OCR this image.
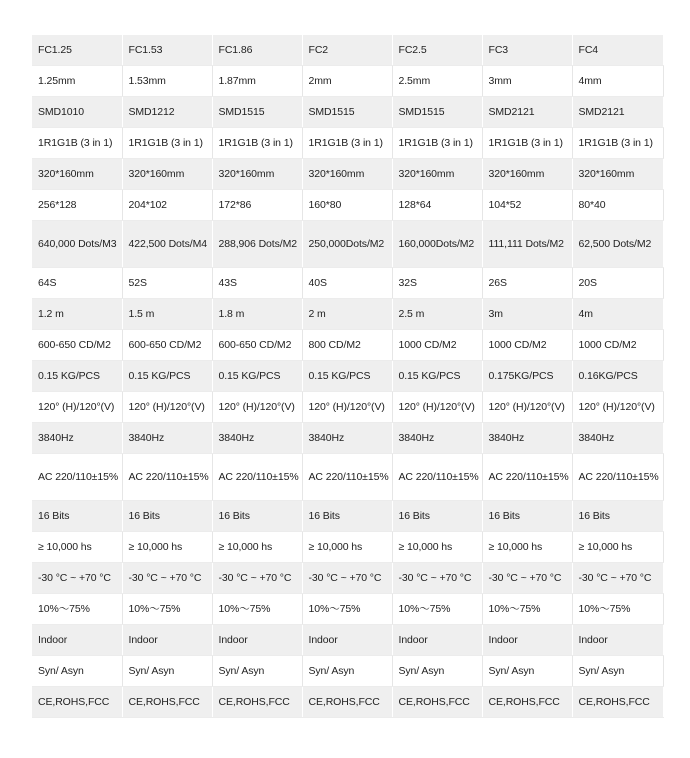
FC1.25	FC1.53	FC1.86	FC2	FC2.5	FC3	FC4
1.25mm	1.53mm	1.87mm	2mm	2.5mm	3mm	4mm
SMD1010	SMD1212	SMD1515	SMD1515	SMD1515	SMD2121	SMD2121
1R1G1B (3 in 1)	1R1G1B (3 in 1)	1R1G1B (3 in 1)	1R1G1B (3 in 1)	1R1G1B (3 in 1)	1R1G1B (3 in 1)	1R1G1B (3 in 1)
320*160mm	320*160mm	320*160mm	320*160mm	320*160mm	320*160mm	320*160mm
256*128	204*102	172*86	160*80	128*64	104*52	80*40
640,000 Dots/M3	422,500 Dots/M4	288,906 Dots/M2	250,000Dots/M2	160,000Dots/M2	111,111 Dots/M2	62,500 Dots/M2
64S	52S	43S	40S	32S	26S	20S
1.2 m	1.5 m	1.8 m	2 m	2.5 m	3m	4m
600-650 CD/M2	600-650 CD/M2	600-650 CD/M2	800 CD/M2	1000 CD/M2	1000 CD/M2	1000 CD/M2
0.15 KG/PCS	0.15 KG/PCS	0.15 KG/PCS	0.15 KG/PCS	0.15 KG/PCS	0.175KG/PCS	0.16KG/PCS
120° (H)/120°(V)	120° (H)/120°(V)	120° (H)/120°(V)	120° (H)/120°(V)	120° (H)/120°(V)	120° (H)/120°(V)	120° (H)/120°(V)
3840Hz	3840Hz	3840Hz	3840Hz	3840Hz	3840Hz	3840Hz
AC 220/110±15%	AC 220/110±15%	AC 220/110±15%	AC 220/110±15%	AC 220/110±15%	AC 220/110±15%	AC 220/110±15%
16 Bits	16 Bits	16 Bits	16 Bits	16 Bits	16 Bits	16 Bits
≥ 10,000 hs	≥ 10,000 hs	≥ 10,000 hs	≥ 10,000 hs	≥ 10,000 hs	≥ 10,000 hs	≥ 10,000 hs
-30 °C ~ +70 °C	-30 °C ~ +70 °C	-30 °C ~ +70 °C	-30 °C ~ +70 °C	-30 °C ~ +70 °C	-30 °C ~ +70 °C	-30 °C ~ +70 °C
10%～75%	10%～75%	10%～75%	10%～75%	10%～75%	10%～75%	10%～75%
Indoor	Indoor	Indoor	Indoor	Indoor	Indoor	Indoor
Syn/ Asyn	Syn/ Asyn	Syn/ Asyn	Syn/ Asyn	Syn/ Asyn	Syn/ Asyn	Syn/ Asyn
CE,ROHS,FCC	CE,ROHS,FCC	CE,ROHS,FCC	CE,ROHS,FCC	CE,ROHS,FCC	CE,ROHS,FCC	CE,ROHS,FCC
